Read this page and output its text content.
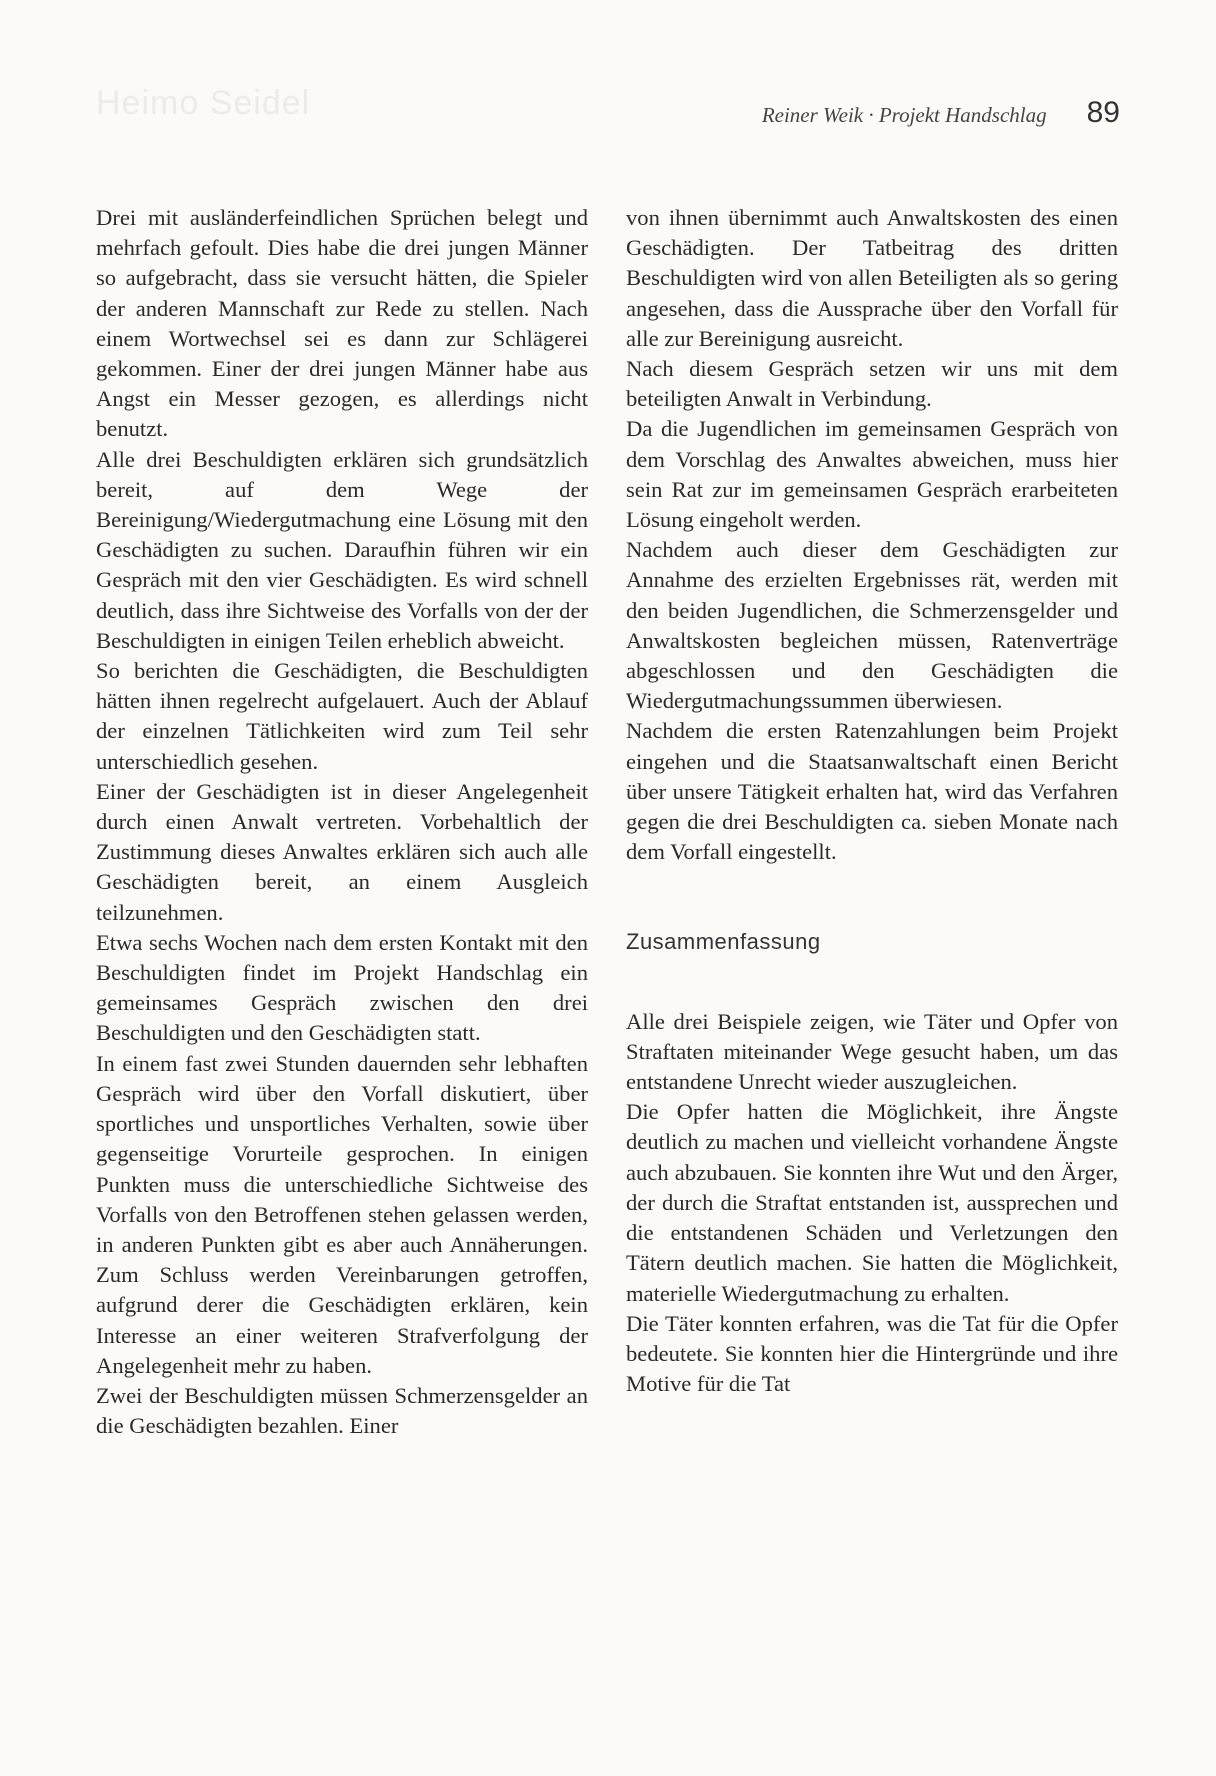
Heimo Seidel	Reiner Weik · Projekt Handschlag 89

Drei mit ausländerfeindlichen Sprüchen belegt und mehrfach gefoult. Dies habe die drei jungen Männer so aufgebracht, dass sie versucht hätten, die Spieler der anderen Mannschaft zur Rede zu stellen. Nach einem Wortwechsel sei es dann zur Schlägerei gekommen. Einer der drei jungen Männer habe aus Angst ein Messer gezogen, es allerdings nicht benutzt.

Alle drei Beschuldigten erklären sich grundsätzlich bereit, auf dem Wege der Bereinigung/Wiedergutmachung eine Lösung mit den Geschädigten zu suchen. Daraufhin führen wir ein Gespräch mit den vier Geschädigten. Es wird schnell deutlich, dass ihre Sichtweise des Vorfalls von der der Beschuldigten in einigen Teilen erheblich abweicht.

So berichten die Geschädigten, die Beschuldigten hätten ihnen regelrecht aufgelauert. Auch der Ablauf der einzelnen Tätlichkeiten wird zum Teil sehr unterschiedlich gesehen.

Einer der Geschädigten ist in dieser Angelegenheit durch einen Anwalt vertreten. Vorbehaltlich der Zustimmung dieses Anwaltes erklären sich auch alle Geschädigten bereit, an einem Ausgleich teilzunehmen.

Etwa sechs Wochen nach dem ersten Kontakt mit den Beschuldigten findet im Projekt Handschlag ein gemeinsames Gespräch zwischen den drei Beschuldigten und den Geschädigten statt.

In einem fast zwei Stunden dauernden sehr lebhaften Gespräch wird über den Vorfall diskutiert, über sportliches und unsportliches Verhalten, sowie über gegenseitige Vorurteile gesprochen. In einigen Punkten muss die unterschiedliche Sichtweise des Vorfalls von den Betroffenen stehen gelassen werden, in anderen Punkten gibt es aber auch Annäherungen. Zum Schluss werden Vereinbarungen getroffen, aufgrund derer die Geschädigten erklären, kein Interesse an einer weiteren Strafverfolgung der Angelegenheit mehr zu haben.

Zwei der Beschuldigten müssen Schmerzensgelder an die Geschädigten bezahlen. Einer

von ihnen übernimmt auch Anwaltskosten des einen Geschädigten. Der Tatbeitrag des dritten Beschuldigten wird von allen Beteiligten als so gering angesehen, dass die Aussprache über den Vorfall für alle zur Bereinigung ausreicht.

Nach diesem Gespräch setzen wir uns mit dem beteiligten Anwalt in Verbindung.

Da die Jugendlichen im gemeinsamen Gespräch von dem Vorschlag des Anwaltes abweichen, muss hier sein Rat zur im gemeinsamen Gespräch erarbeiteten Lösung eingeholt werden.

Nachdem auch dieser dem Geschädigten zur Annahme des erzielten Ergebnisses rät, werden mit den beiden Jugendlichen, die Schmerzensgelder und Anwaltskosten begleichen müssen, Ratenverträge abgeschlossen und den Geschädigten die Wiedergutmachungssummen überwiesen.

Nachdem die ersten Ratenzahlungen beim Projekt eingehen und die Staatsanwaltschaft einen Bericht über unsere Tätigkeit erhalten hat, wird das Verfahren gegen die drei Beschuldigten ca. sieben Monate nach dem Vorfall eingestellt.

Zusammenfassung

Alle drei Beispiele zeigen, wie Täter und Opfer von Straftaten miteinander Wege gesucht haben, um das entstandene Unrecht wieder auszugleichen.

Die Opfer hatten die Möglichkeit, ihre Ängste deutlich zu machen und vielleicht vorhandene Ängste auch abzubauen. Sie konnten ihre Wut und den Ärger, der durch die Straftat entstanden ist, aussprechen und die entstandenen Schäden und Verletzungen den Tätern deutlich machen. Sie hatten die Möglichkeit, materielle Wiedergutmachung zu erhalten.

Die Täter konnten erfahren, was die Tat für die Opfer bedeutete. Sie konnten hier die Hintergründe und ihre Motive für die Tat
